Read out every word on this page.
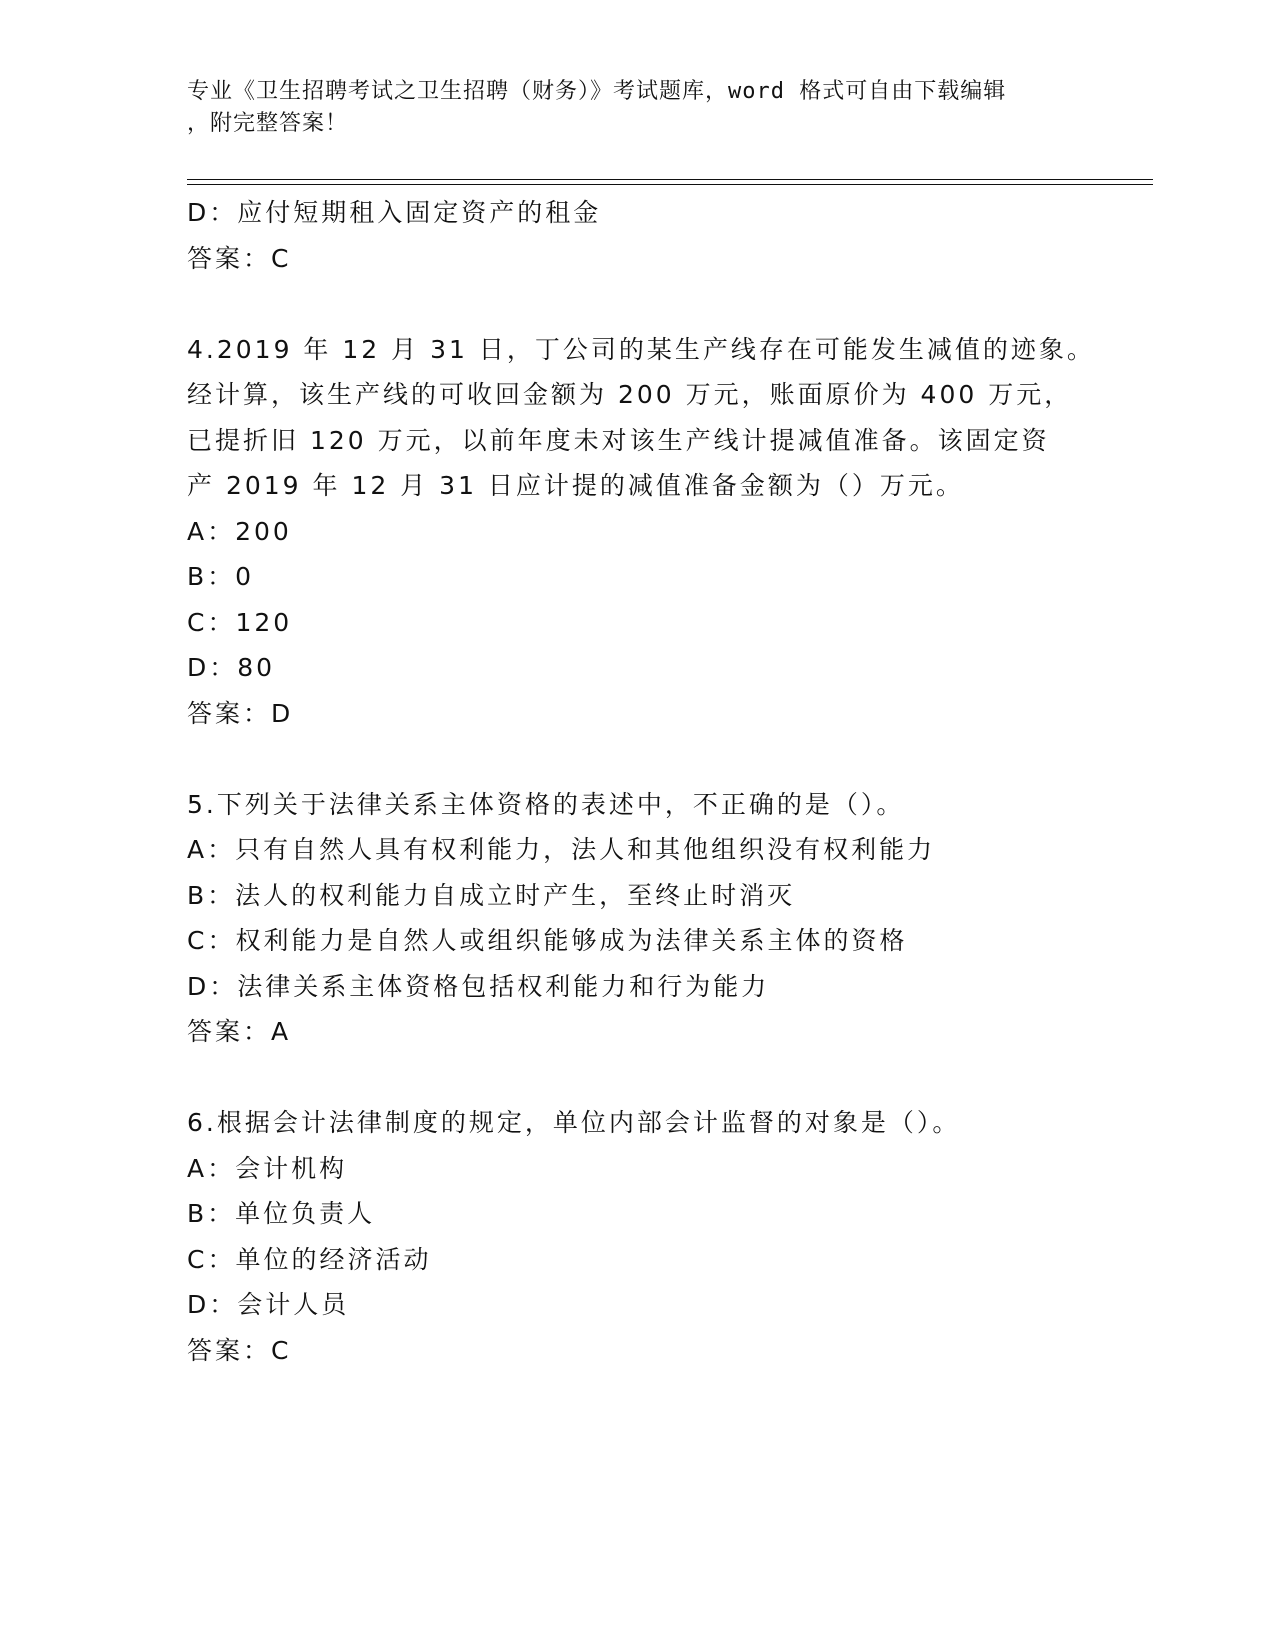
专业《卫生招聘考试之卫生招聘（财务）》考试题库，word 格式可自由下载编辑
，附完整答案！
D：应付短期租入固定资产的租金
答案：C
4.2019 年 12 月 31 日，丁公司的某生产线存在可能发生减值的迹象。
经计算，该生产线的可收回金额为 200 万元，账面原价为 400 万元，
已提折旧 120 万元，以前年度未对该生产线计提减值准备。该固定资
产 2019 年 12 月 31 日应计提的减值准备金额为（）万元。
A：200
B：0
C：120
D：80
答案：D
5.下列关于法律关系主体资格的表述中，不正确的是（）。
A：只有自然人具有权利能力，法人和其他组织没有权利能力
B：法人的权利能力自成立时产生，至终止时消灭
C：权利能力是自然人或组织能够成为法律关系主体的资格
D：法律关系主体资格包括权利能力和行为能力
答案：A
6.根据会计法律制度的规定，单位内部会计监督的对象是（）。
A：会计机构
B：单位负责人
C：单位的经济活动
D：会计人员
答案：C
